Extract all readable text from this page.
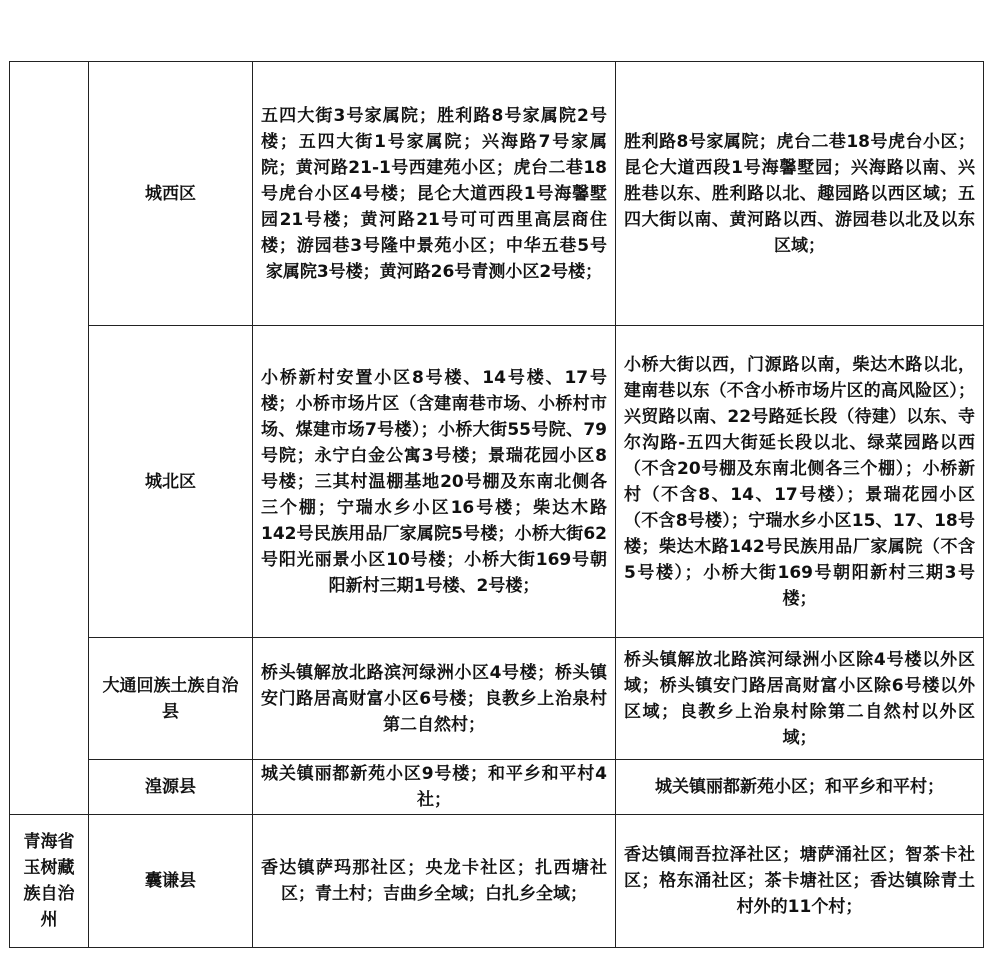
	城西区	五四大街3号家属院；胜利路8号家属院2号楼；五四大街1号家属院；兴海路7号家属院；黄河路21-1号西建苑小区；虎台二巷18号虎台小区4号楼；昆仑大道西段1号海馨墅园21号楼；黄河路21号可可西里高层商住楼；游园巷3号隆中景苑小区；中华五巷5号家属院3号楼；黄河路26号青测小区2号楼；	胜利路8号家属院；虎台二巷18号虎台小区；昆仑大道西段1号海馨墅园；兴海路以南、兴胜巷以东、胜利路以北、趣园路以西区域；五四大街以南、黄河路以西、游园巷以北及以东区域；

	城北区	小桥新村安置小区8号楼、14号楼、17号楼；小桥市场片区（含建南巷市场、小桥村市场、煤建市场7号楼）；小桥大街55号院、79号院；永宁白金公寓3号楼；景瑞花园小区8号楼；三其村温棚基地20号棚及东南北侧各三个棚；宁瑞水乡小区16号楼；柴达木路142号民族用品厂家属院5号楼；小桥大街62号阳光丽景小区10号楼；小桥大街169号朝阳新村三期1号楼、2号楼；	小桥大街以西，门源路以南，柴达木路以北，建南巷以东（不含小桥市场片区的高风险区）；兴贸路以南、22号路延长段（待建）以东、寺尔沟路-五四大街延长段以北、绿菜园路以西（不含20号棚及东南北侧各三个棚）；小桥新村（不含8、14、17号楼）；景瑞花园小区（不含8号楼）；宁瑞水乡小区15、17、18号楼；柴达木路142号民族用品厂家属院（不含5号楼）；小桥大街169号朝阳新村三期3号楼；

	大通回族土族自治县	桥头镇解放北路滨河绿洲小区4号楼；桥头镇安门路居高财富小区6号楼；良教乡上治泉村第二自然村；	桥头镇解放北路滨河绿洲小区除4号楼以外区域；桥头镇安门路居高财富小区除6号楼以外区域；良教乡上治泉村除第二自然村以外区域；

	湟源县	城关镇丽都新苑小区9号楼；和平乡和平村4社；	城关镇丽都新苑小区；和平乡和平村；

青海省玉树藏族自治州	囊谦县	香达镇萨玛那社区；央龙卡社区；扎西塘社区；青土村；吉曲乡全域；白扎乡全域；	香达镇闹吾拉泽社区；塘萨涌社区；智茶卡社区；格东涌社区；茶卡塘社区；香达镇除青土村外的11个村；
